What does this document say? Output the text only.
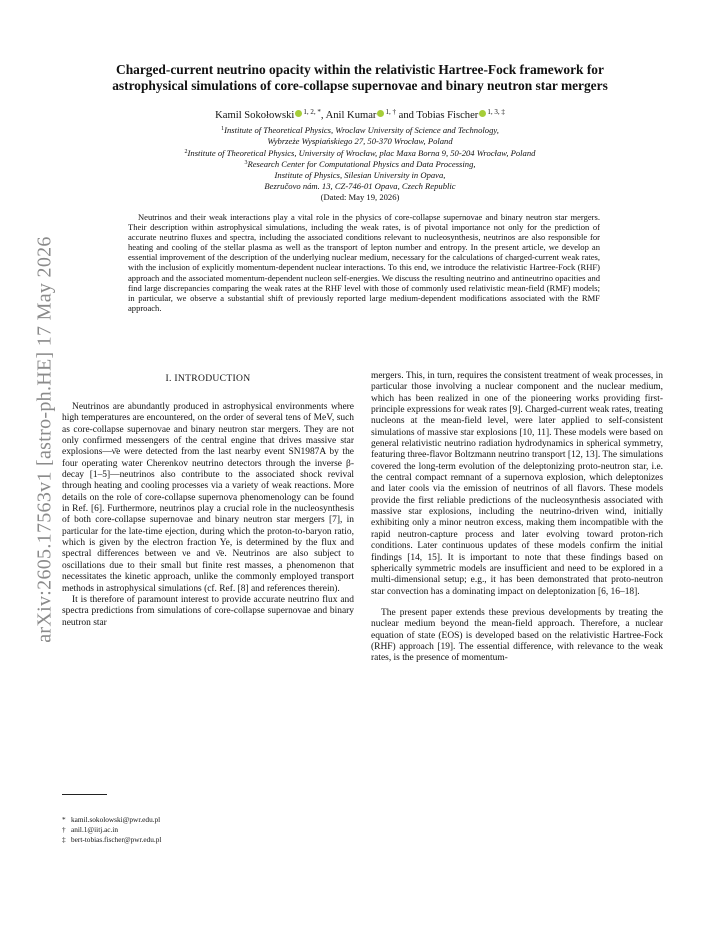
arXiv:2605.17563v1 [astro-ph.HE] 17 May 2026
Charged-current neutrino opacity within the relativistic Hartree-Fock framework for
astrophysical simulations of core-collapse supernovae and binary neutron star mergers
Kamil Sokołowski $^{1, 2, *}$, Anil Kumar $^{1, \dagger}$ and Tobias Fischer $^{1, 3, \ddagger}$
$^1$Institute of Theoretical Physics, Wroclaw University of Science and Technology,
Wybrzeże Wyspiańskiego 27, 50-370 Wrocław, Poland
$^2$Institute of Theoretical Physics, University of Wrocław, plac Maxa Borna 9, 50-204 Wrocław, Poland
$^3$Research Center for Computational Physics and Data Processing,
Institute of Physics, Silesian University in Opava,
Bezručovo nám. 13, CZ-746-01 Opava, Czech Republic
(Dated: May 19, 2026)
Neutrinos and their weak interactions play a vital role in the physics of core-collapse supernovae and binary neutron star mergers. Their description within astrophysical simulations, including the weak rates, is of pivotal importance not only for the prediction of accurate neutrino fluxes and spectra, including the associated conditions relevant to nucleosynthesis, neutrinos are also responsible for heating and cooling of the stellar plasma as well as the transport of lepton number and entropy. In the present article, we develop an essential improvement of the description of the underlying nuclear medium, necessary for the calculations of charged-current weak rates, with the inclusion of explicitly momentum-dependent nuclear interactions. To this end, we introduce the relativistic Hartree-Fock (RHF) approach and the associated momentum-dependent nucleon self-energies. We discuss the resulting neutrino and antineutrino opacities and find large discrepancies comparing the weak rates at the RHF level with those of commonly used relativistic mean-field (RMF) models; in particular, we observe a substantial shift of previously reported large medium-dependent modifications associated with the RMF approach.
I. INTRODUCTION

Neutrinos are abundantly produced in astrophysical environments where high temperatures are encountered, on the order of several tens of MeV, such as core-collapse supernovae and binary neutron star mergers. They are not only confirmed messengers of the central engine that drives massive star explosions—ν̄e were detected from the last nearby event SN1987A by the four operating water Cherenkov neutrino detectors through the inverse β-decay [1–5]—neutrinos also contribute to the associated shock revival through heating and cooling processes via a variety of weak reactions. More details on the role of core-collapse supernova phenomenology can be found in Ref. [6]. Furthermore, neutrinos play a crucial role in the nucleosynthesis of both core-collapse supernovae and binary neutron star mergers [7], in particular for the late-time ejection, during which the proton-to-baryon ratio, which is given by the electron fraction Ye, is determined by the flux and spectral differences between νe and ν̄e. Neutrinos are also subject to oscillations due to their small but finite rest masses, a phenomenon that necessitates the kinetic approach, unlike the commonly employed transport methods in astrophysical simulations (cf. Ref. [8] and references therein).

It is therefore of paramount interest to provide accurate neutrino flux and spectra predictions from simulations of core-collapse supernovae and binary neutron star

mergers. This, in turn, requires the consistent treatment of weak processes, in particular those involving a nuclear component and the nuclear medium, which has been realized in one of the pioneering works providing first-principle expressions for weak rates [9]. Charged-current weak rates, treating nucleons at the mean-field level, were later applied to self-consistent simulations of massive star explosions [10, 11]. These models were based on general relativistic neutrino radiation hydrodynamics in spherical symmetry, featuring three-flavor Boltzmann neutrino transport [12, 13]. The simulations covered the long-term evolution of the deleptonizing proto-neutron star, i.e. the central compact remnant of a supernova explosion, which deleptonizes and later cools via the emission of neutrinos of all flavors. These models provide the first reliable predictions of the nucleosynthesis associated with massive star explosions, including the neutrino-driven wind, initially exhibiting only a minor neutron excess, making them incompatible with the rapid neutron-capture process and later evolving toward proton-rich conditions. Later continuous updates of these models confirm the initial findings [14, 15]. It is important to note that these findings based on spherically symmetric models are insufficient and need to be explored in a multi-dimensional setup; e.g., it has been demonstrated that proto-neutron star convection has a dominating impact on deleptonization [6, 16–18].

The present paper extends these previous developments by treating the nuclear medium beyond the mean-field approach. Therefore, a nuclear equation of state (EOS) is developed based on the relativistic Hartree-Fock (RHF) approach [19]. The essential difference, with relevance to the weak rates, is the presence of momentum-

* kamil.sokolowski@pwr.edu.pl
† anil.1@iitj.ac.in
‡ bert-tobias.fischer@pwr.edu.pl
